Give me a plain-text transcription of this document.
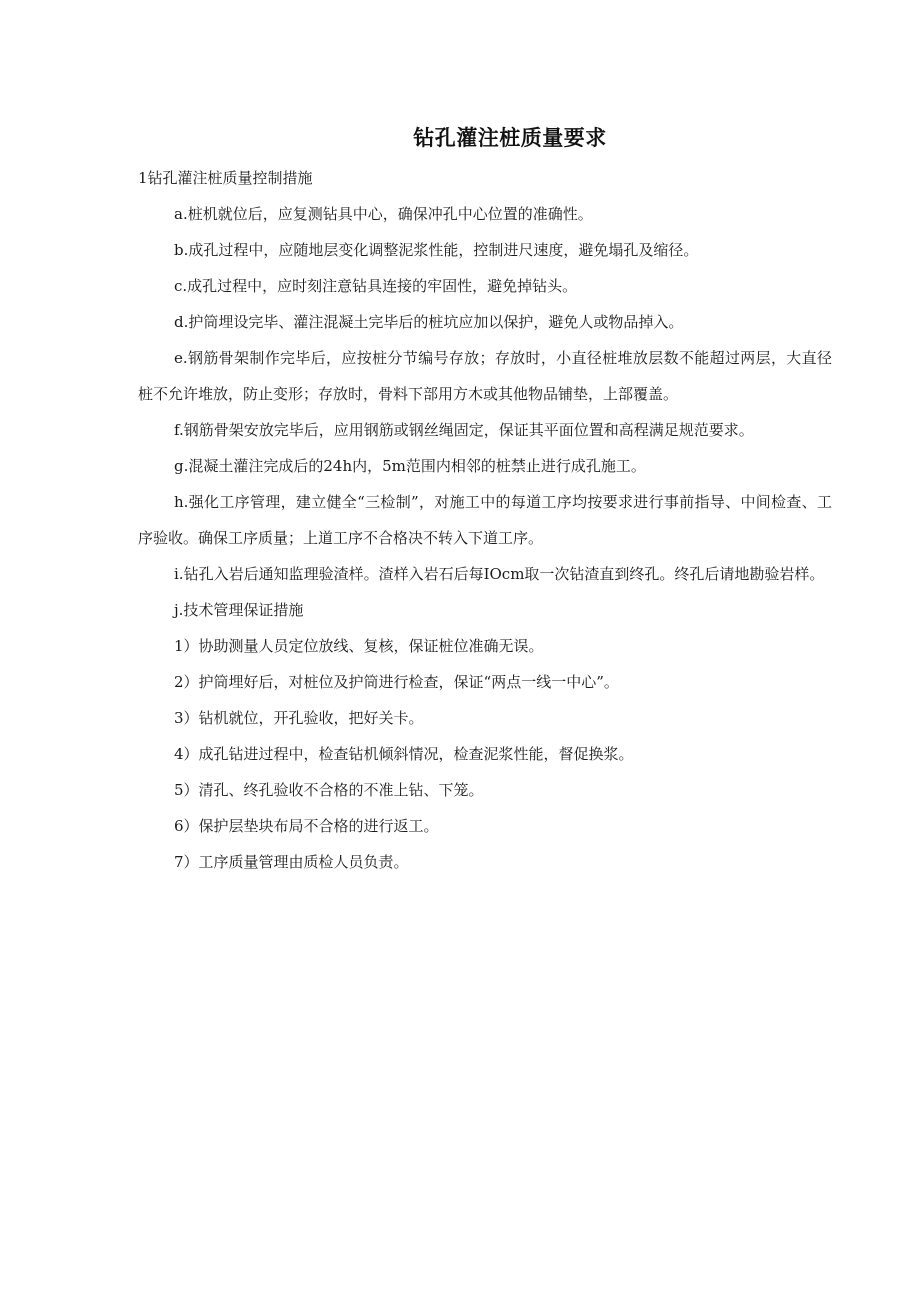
钻孔灌注桩质量要求

1钻孔灌注桩质量控制措施

a.桩机就位后，应复测钻具中心，确保冲孔中心位置的准确性。

b.成孔过程中，应随地层变化调整泥浆性能，控制进尺速度，避免塌孔及缩径。

c.成孔过程中，应时刻注意钻具连接的牢固性，避免掉钻头。

d.护筒埋设完毕、灌注混凝土完毕后的桩坑应加以保护，避免人或物品掉入。

e.钢筋骨架制作完毕后，应按桩分节编号存放；存放时，小直径桩堆放层数不能超过两层，大直径桩不允许堆放，防止变形；存放时，骨料下部用方木或其他物品铺垫，上部覆盖。

f.钢筋骨架安放完毕后，应用钢筋或钢丝绳固定，保证其平面位置和高程满足规范要求。

g.混凝土灌注完成后的24h内，5m范围内相邻的桩禁止进行成孔施工。

h.强化工序管理，建立健全“三检制”，对施工中的每道工序均按要求进行事前指导、中间检查、工序验收。确保工序质量；上道工序不合格决不转入下道工序。

i.钻孔入岩后通知监理验渣样。渣样入岩石后每IOcm取一次钻渣直到终孔。终孔后请地勘验岩样。

j.技术管理保证措施

1）协助测量人员定位放线、复核，保证桩位准确无误。

2）护筒埋好后，对桩位及护筒进行检查，保证“两点一线一中心”。

3）钻机就位，开孔验收，把好关卡。

4）成孔钻进过程中，检查钻机倾斜情况，检查泥浆性能，督促换浆。

5）清孔、终孔验收不合格的不准上钻、下笼。

6）保护层垫块布局不合格的进行返工。

7）工序质量管理由质检人员负责。
